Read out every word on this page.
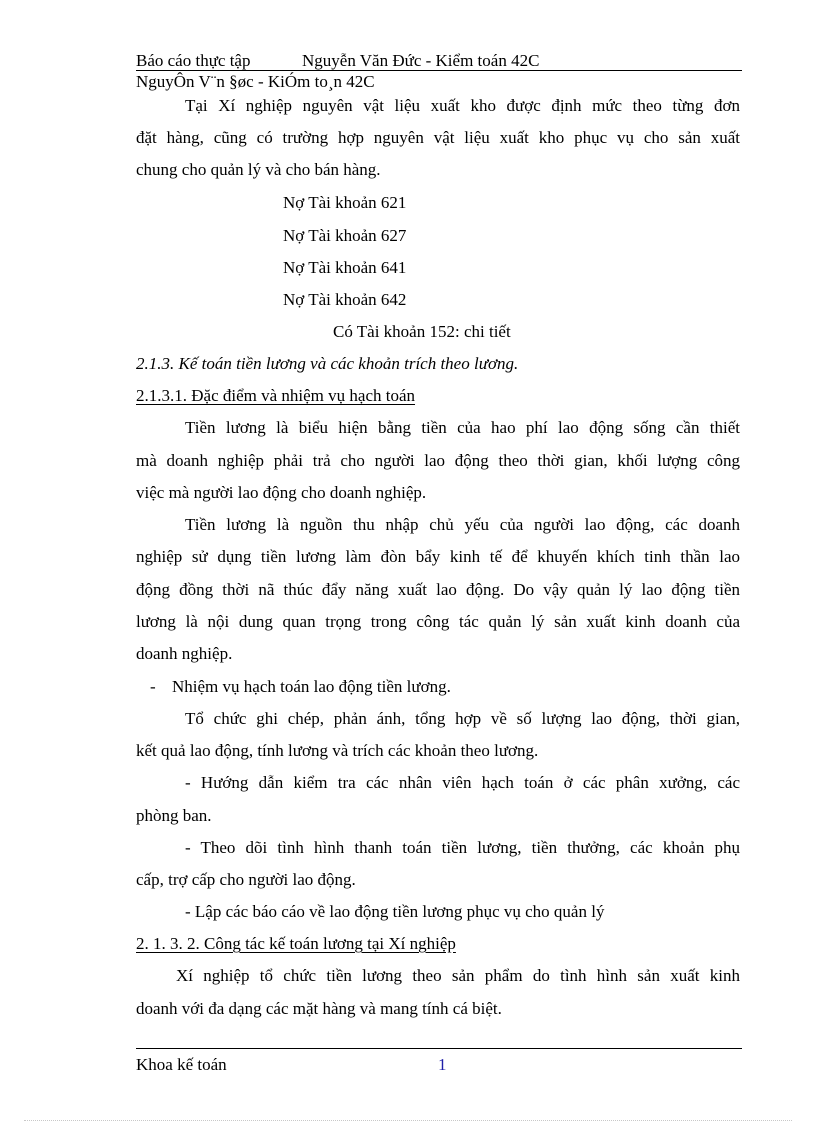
Báo cáo thực tập	Nguyễn Văn Đức - Kiểm toán 42C
NguyÔn V¨n §øc - KiÓm to¸n 42C
Tại Xí nghiệp nguyên vật liệu xuất kho được định mức theo từng đơn
đặt hàng, cũng có trường hợp nguyên vật liệu xuất kho phục vụ cho sản xuất
chung cho quản lý và cho bán hàng.
Nợ Tài khoản 621
Nợ Tài khoản 627
Nợ Tài khoản 641
Nợ Tài khoản 642
Có Tài khoản 152: chi tiết
2.1.3. Kế toán tiền lương và các khoản trích theo lương.
2.1.3.1. Đặc điểm và nhiệm vụ hạch toán
Tiền lương là biểu hiện bằng tiền của hao phí lao động sống cần thiết
mà doanh nghiệp phải trả cho người lao động theo thời gian, khối lượng công
việc mà người lao động cho doanh nghiệp.
Tiền lương là nguồn thu nhập chủ yếu của người lao động, các doanh
nghiệp sử dụng tiền lương làm đòn bẩy kinh tế để khuyến khích tinh thần lao
động đồng thời nã thúc đẩy năng xuất lao động. Do vậy quản lý lao động tiền
lương là nội dung quan trọng trong công tác quản lý sản xuất kinh doanh của
doanh nghiệp.
- Nhiệm vụ hạch toán lao động tiền lương.
Tổ chức ghi chép, phản ánh, tổng hợp về số lượng lao động, thời gian,
kết quả lao động, tính lương và trích các khoản theo lương.
- Hướng dẫn kiểm tra các nhân viên hạch toán ở các phân xưởng, các
phòng ban.
- Theo dõi tình hình thanh toán tiền lương, tiền thưởng, các khoản phụ
cấp, trợ cấp cho người lao động.
- Lập các báo cáo về lao động tiền lương phục vụ cho quản lý
2. 1. 3. 2. Công tác kế toán lương tại Xí nghiệp
Xí nghiệp tổ chức tiền lương theo sản phẩm do tình hình sản xuất kinh
doanh với đa dạng các mặt hàng và mang tính cá biệt.
Khoa kế toán	1
